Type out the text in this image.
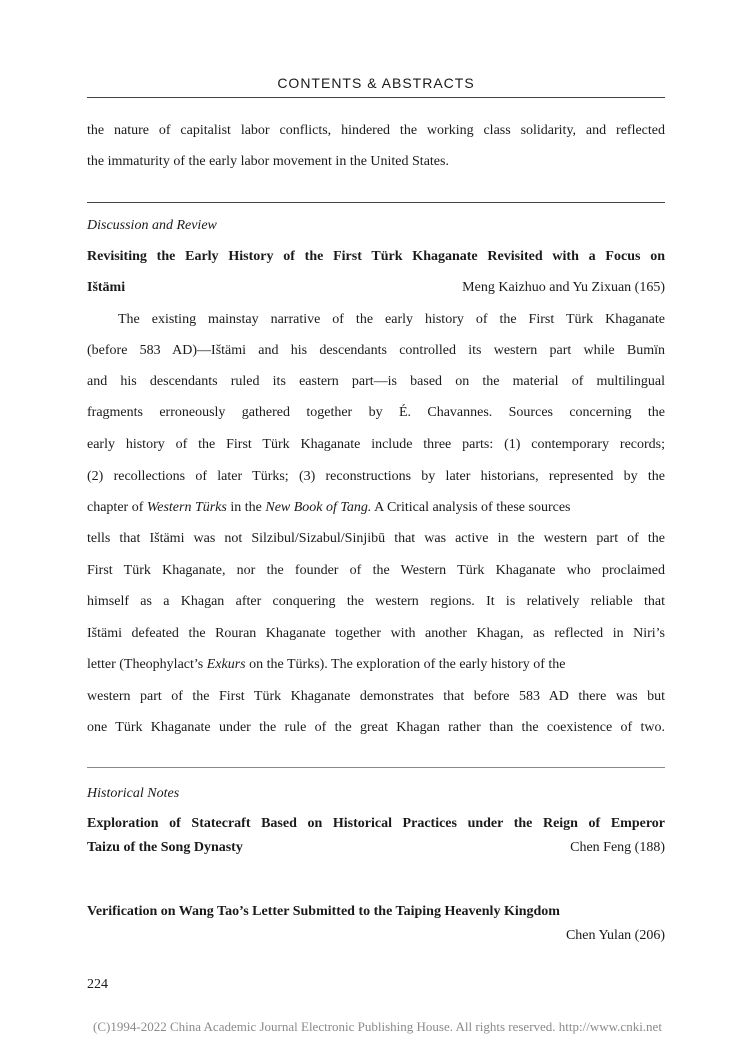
CONTENTS & ABSTRACTS
the nature of capitalist labor conflicts, hindered the working class solidarity, and reflected
the immaturity of the early labor movement in the United States.
Discussion and Review
Revisiting the Early History of the First Türk Khaganate Revisited with a Focus on
Ištämi	Meng Kaizhuo and Yu Zixuan (165)
The existing mainstay narrative of the early history of the First Türk Khaganate
(before 583 AD)—Ištämi and his descendants controlled its western part while Bumïn
and his descendants ruled its eastern part—is based on the material of multilingual
fragments erroneously gathered together by É. Chavannes. Sources concerning the
early history of the First Türk Khaganate include three parts: (1) contemporary records;
(2) recollections of later Türks; (3) reconstructions by later historians, represented by the
chapter of Western Türks in the New Book of Tang. A Critical analysis of these sources
tells that Ištämi was not Silzibul/Sizabul/Sinjibū that was active in the western part of the
First Türk Khaganate, nor the founder of the Western Türk Khaganate who proclaimed
himself as a Khagan after conquering the western regions. It is relatively reliable that
Ištämi defeated the Rouran Khaganate together with another Khagan, as reflected in Niri’s
letter (Theophylact’s Exkurs on the Türks). The exploration of the early history of the
western part of the First Türk Khaganate demonstrates that before 583 AD there was but
one Türk Khaganate under the rule of the great Khagan rather than the coexistence of two.
Historical Notes
Exploration of Statecraft Based on Historical Practices under the Reign of Emperor
Taizu of the Song Dynasty	Chen Feng (188)
Verification on Wang Tao’s Letter Submitted to the Taiping Heavenly Kingdom
Chen Yulan (206)
224
(C)1994-2022 China Academic Journal Electronic Publishing House. All rights reserved. http://www.cnki.net
